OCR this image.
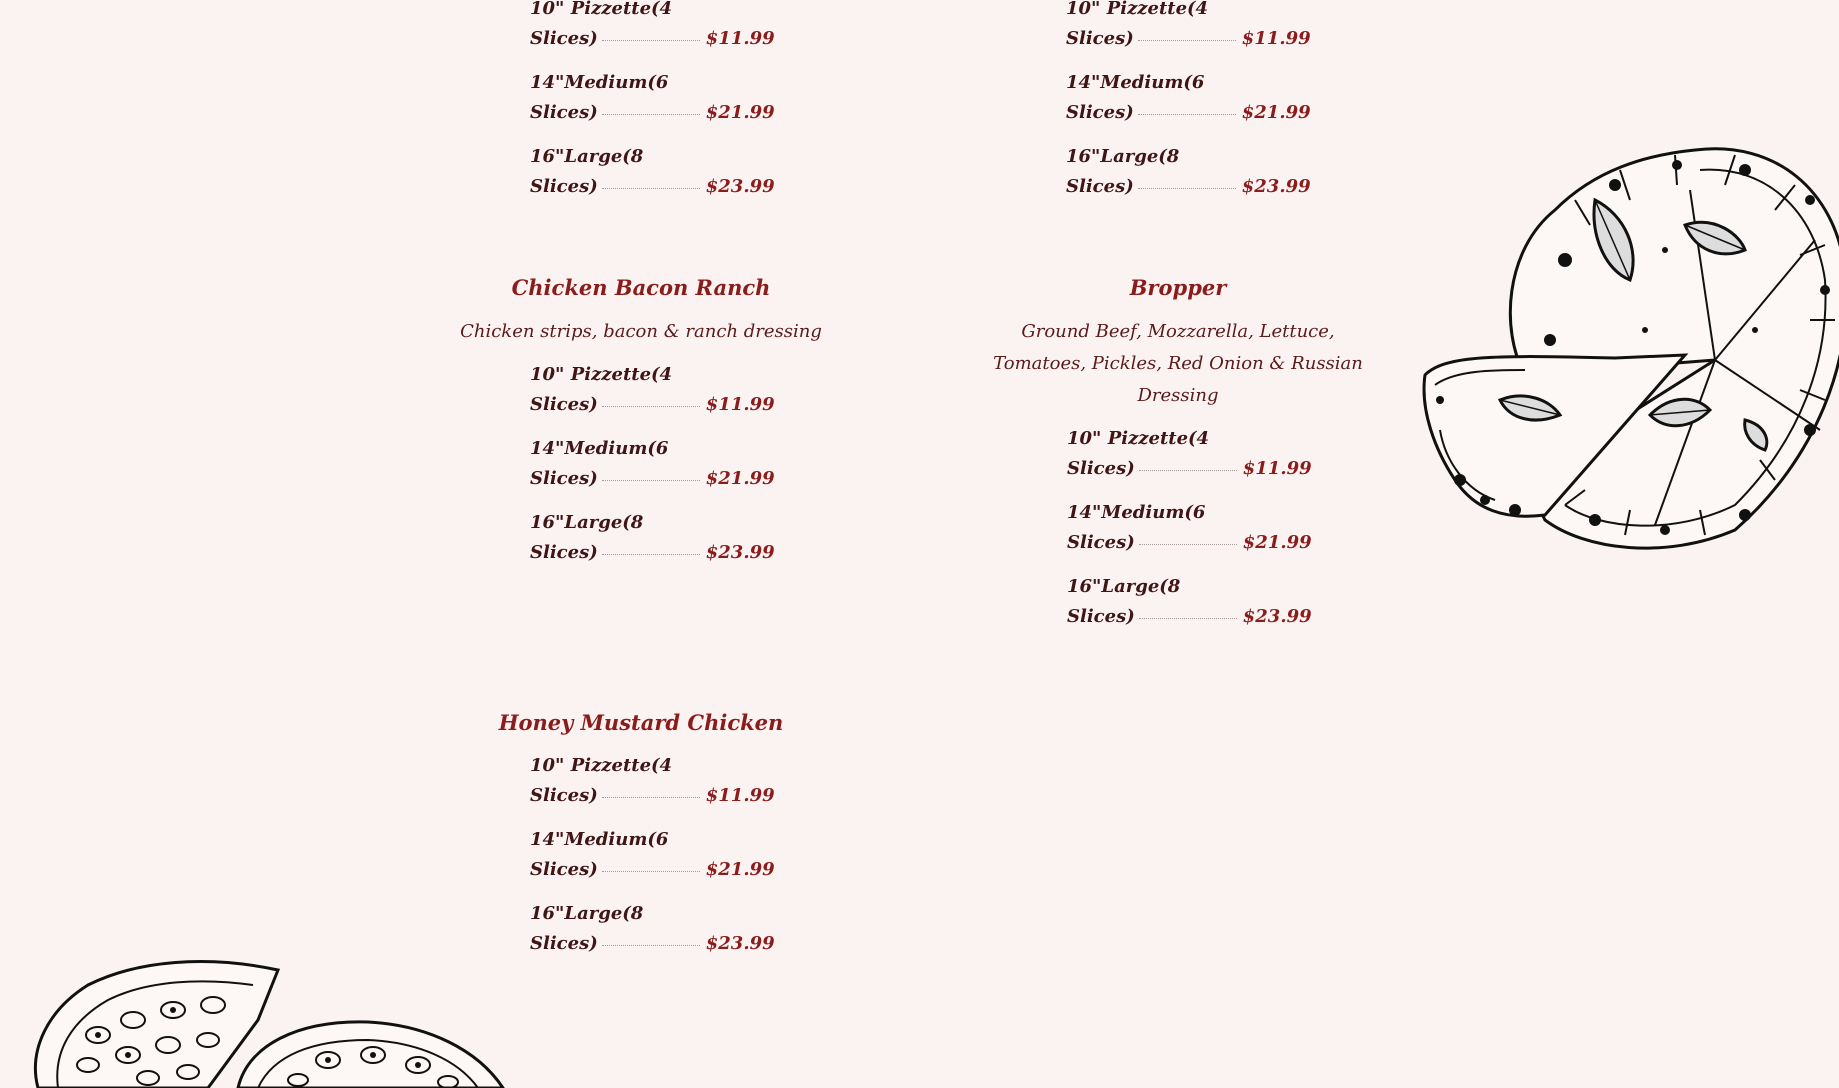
10" Pizzette(4
Slices)	$11.99
14"Medium(6
Slices)	$21.99
16"Large(8
Slices)	$23.99
10" Pizzette(4
Slices)	$11.99
14"Medium(6
Slices)	$21.99
16"Large(8
Slices)	$23.99
Chicken Bacon Ranch
Chicken strips, bacon & ranch dressing
10" Pizzette(4
Slices)	$11.99
14"Medium(6
Slices)	$21.99
16"Large(8
Slices)	$23.99
Bropper
Ground Beef, Mozzarella, Lettuce, Tomatoes, Pickles, Red Onion & Russian Dressing
10" Pizzette(4
Slices)	$11.99
14"Medium(6
Slices)	$21.99
16"Large(8
Slices)	$23.99
Honey Mustard Chicken
10" Pizzette(4
Slices)	$11.99
14"Medium(6
Slices)	$21.99
16"Large(8
Slices)	$23.99
